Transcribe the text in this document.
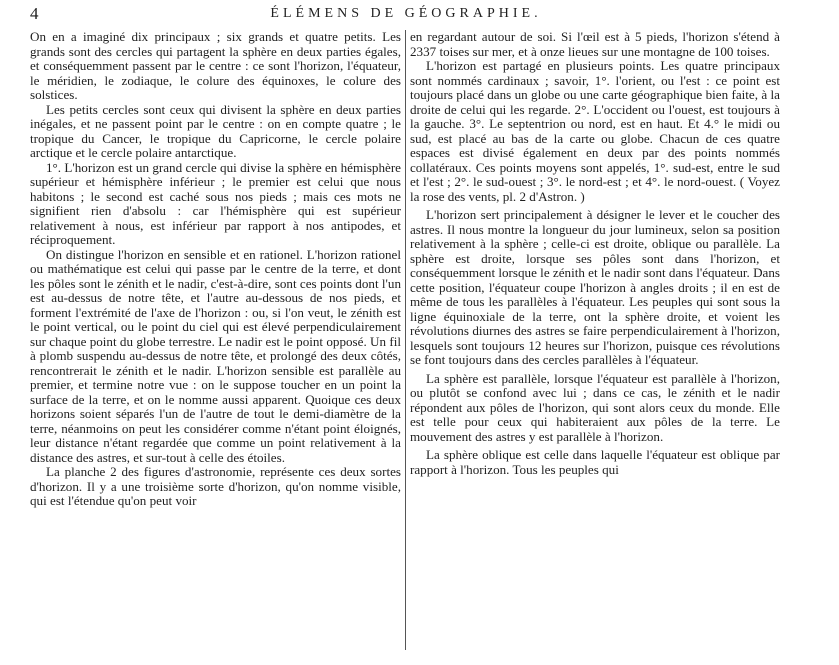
4	ÉLÉMENS DE GÉOGRAPHIE.

On en a imaginé dix principaux ; six grands et quatre petits. Les grands sont des cercles qui partagent la sphère en deux parties égales, et conséquemment passent par le centre : ce sont l'horizon, l'équateur, le méridien, le zodiaque, le colure des équinoxes, le colure des solstices.

Les petits cercles sont ceux qui divisent la sphère en deux parties inégales, et ne passent point par le centre : on en compte quatre ; le tropique du Cancer, le tropique du Capricorne, le cercle polaire arctique et le cercle polaire antarctique.

1°. L'horizon est un grand cercle qui divise la sphère en hémisphère supérieur et hémisphère inférieur ; le premier est celui que nous habitons ; le second est caché sous nos pieds ; mais ces mots ne signifient rien d'absolu : car l'hémisphère qui est supérieur relativement à nous, est inférieur par rapport à nos antipodes, et réciproquement.

On distingue l'horizon en sensible et en rationel. L'horizon rationel ou mathématique est celui qui passe par le centre de la terre, et dont les pôles sont le zénith et le nadir, c'est-à-dire, sont ces points dont l'un est au-dessus de notre tête, et l'autre au-dessous de nos pieds, et forment l'extrémité de l'axe de l'horizon : ou, si l'on veut, le zénith est le point vertical, ou le point du ciel qui est élevé perpendiculairement sur chaque point du globe terrestre. Le nadir est le point opposé. Un fil à plomb suspendu au-dessus de notre tête, et prolongé des deux côtés, rencontrerait le zénith et le nadir. L'horizon sensible est parallèle au premier, et termine notre vue : on le suppose toucher en un point la surface de la terre, et on le nomme aussi apparent. Quoique ces deux horizons soient séparés l'un de l'autre de tout le demi-diamètre de la terre, néanmoins on peut les considérer comme n'étant point éloignés, leur distance n'étant regardée que comme un point relativement à la distance des astres, et sur-tout à celle des étoiles.

La planche 2 des figures d'astronomie, représente ces deux sortes d'horizon. Il y a une troisième sorte d'horizon, qu'on nomme visible, qui est l'étendue qu'on peut voir

en regardant autour de soi. Si l'œil est à 5 pieds, l'horizon s'étend à 2337 toises sur mer, et à onze lieues sur une montagne de 100 toises.

L'horizon est partagé en plusieurs points. Les quatre principaux sont nommés cardinaux ; savoir, 1°. l'orient, ou l'est : ce point est toujours placé dans un globe ou une carte géographique bien faite, à la droite de celui qui les regarde. 2°. L'occident ou l'ouest, est toujours à la gauche. 3°. Le septentrion ou nord, est en haut. Et 4.° le midi ou sud, est placé au bas de la carte ou globe. Chacun de ces quatre espaces est divisé également en deux par des points nommés collatéraux. Ces points moyens sont appelés, 1°. sud-est, entre le sud et l'est ; 2°. le sud-ouest ; 3°. le nord-est ; et 4°. le nord-ouest. ( Voyez la rose des vents, pl. 2 d'Astron. )

L'horizon sert principalement à désigner le lever et le coucher des astres. Il nous montre la longueur du jour lumineux, selon sa position relativement à la sphère ; celle-ci est droite, oblique ou parallèle. La sphère est droite, lorsque ses pôles sont dans l'horizon, et conséquemment lorsque le zénith et le nadir sont dans l'équateur. Dans cette position, l'équateur coupe l'horizon à angles droits ; il en est de même de tous les parallèles à l'équateur. Les peuples qui sont sous la ligne équinoxiale de la terre, ont la sphère droite, et voient les révolutions diurnes des astres se faire perpendiculairement à l'horizon, lesquels sont toujours 12 heures sur l'horizon, puisque ces révolutions se font toujours dans des cercles parallèles à l'équateur.

La sphère est parallèle, lorsque l'équateur est parallèle à l'horizon, ou plutôt se confond avec lui ; dans ce cas, le zénith et le nadir répondent aux pôles de l'horizon, qui sont alors ceux du monde. Elle est telle pour ceux qui habiteraient aux pôles de la terre. Le mouvement des astres y est parallèle à l'horizon.

La sphère oblique est celle dans laquelle l'équateur est oblique par rapport à l'horizon. Tous les peuples qui
